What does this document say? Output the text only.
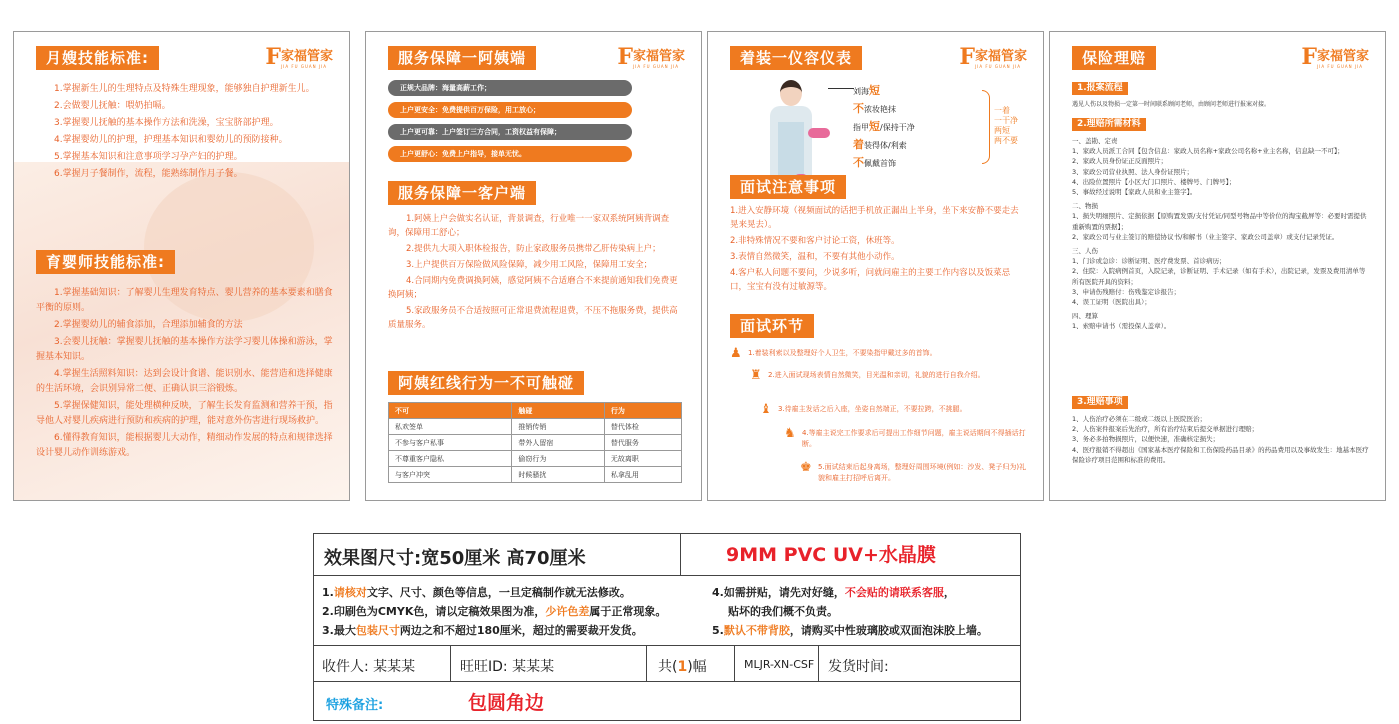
月嫂技能标准:	F 家福管家
JIA FU GUAN JIA

1.掌握新生儿的生理特点及特殊生理现象，能够独自护理新生儿。

2.会做婴儿抚触：喂奶拍嗝。

3.掌握婴儿抚触的基本操作方法和洗澡，宝宝脐部护理。

4.掌握婴幼儿的护理，护理基本知识和婴幼儿的预防接种。

5.掌握基本知识和注意事项学习孕产妇的护理。

6.掌握月子餐制作，流程，能熟练制作月子餐。

育婴师技能标准:

1.掌握基础知识：了解婴儿生理发育特点、婴儿营养的基本要素和膳食平衡的原则。

2.掌握婴幼儿的辅食添加，合理添加辅食的方法

3.会婴儿抚触：掌握婴儿抚触的基本操作方法学习婴儿体操和游泳，掌握基本知识。

4.掌握生活照料知识：达到会设计食谱、能识别水、能营造和选择健康的生活环境，会识别异常二便、正确认识三浴锻炼。

5.掌握保健知识，能处理横种反映，了解生长发育监测和营养干预，指导他人对婴儿疾病进行预防和疾病的护理，能对意外伤害进行现场救护。

6.懂得教育知识，能根据婴儿大动作，精细动作发展的特点和规律选择设计婴儿动作训练游戏。

服务保障一阿姨端	F 家福管家
JIA FU GUAN JIA
正规大品牌：海量高薪工作；
上户更安全：免费提供百万保险，用工放心；
上户更可靠：上户签订三方合同，工资权益有保障；
上户更舒心：免费上户指导，接单无忧。
服务保障一客户端

1.阿姨上户会做实名认证，背景调查，行业唯一一家双系统阿姨背调查询，保障用工舒心；

2.提供九大项入职体检报告，防止家政服务员携带乙肝传染病上户；

3.上户提供百万保险做风险保障，减少用工风险，保障用工安全；

4.合同期内免费调换阿姨，感觉阿姨不合适磨合不来提前通知我们免费更换阿姨；

5.家政服务员不合适按照可正常退费流程退费，不压不拖服务费，提供高质量服务。

阿姨红线行为一不可触碰
不可	触碰	行为
私欢签单	推销传销	替代体检
不参与客户私事	带外人留宿	替代服务
不尊重客户隐私	偷窃行为	无故离职
与客户冲突	时候骚扰	私拿乱用
着装一仪容仪表	F 家福管家
JIA FU GUAN JIA
刘海短
不浓妆艳抹
指甲短/保持干净
着装得体/利索
不佩戴首饰
一着
一干净
两短
两不要
面试注意事项

1.进入安静环境（视频面试的话把手机放正漏出上半身，坐下来安静不要走去晃来晃去）。

2.非特殊情况不要和客户讨论工资，休班等。

3.表情自然微笑，温和，不要有其他小动作。

4.客户私人问题不要问，少说多听，问就问雇主的主要工作内容以及饭菜忌口，宝宝有没有过敏源等。

面试环节
♟ 1.着装利索以及整理好个人卫生，不要染指甲戴过多的首饰。
♜ 2.进入面试现场表情自然微笑，目光温和亲切，礼貌的进行自我介绍。
♝ 3.待雇主发话之后入座，坐姿自然端正，不要拉跨，不挑腿。
♞ 4.等雇主说完工作要求后可提出工作细节问题，雇主说话期间不得插话打断。
♚ 5.面试结束后起身离场，整理好周围环境(例如：沙发、凳子归为)礼貌和雇主打招呼后离开。
保险理赔	F 家福管家
JIA FU GUAN JIA
1.报案流程
遇见人伤以及物损一定第一时间联系顾问老师，由顾问老师进行报案对接。
2.理赔所需材料
一、盖勘、定责
1、家政人员派工合同【包含信息：家政人员名称+家政公司名称+业主名称，信息缺一不可】；
2、家政人员身份证正反面照片；
3、家政公司营业执照、法人身份证照片；
4、出险位置照片【小区大门口照片、楼牌号、门牌号】；
5、事故经过说明【家政人员和业主签字】。
二、物损
1、损失明细照片、定损依据【原购置发票/支付凭证/同型号物品中等价位的淘宝截屏等：必要时需提供重新购置的票据】；
2、家政公司与业主签订的赔偿协议书/和解书（业主签字、家政公司盖章）或支付记录凭证。
三、人伤
1、门诊或急诊：诊断证明、医疗费发票、首诊病历；
2、住院：入院病例首页，入院记录，诊断证明、手术记录（如有手术），出院记录，发票及费用清单等所有医院开具的资料；
3、申请伤残赔付：伤残鉴定诊报告；
4、误工证明（医院出具）；
四、理算
1、索赔申请书（需投保人盖章）。
3.理赔事项
1、人伤治疗必须在二级或二级以上医院医治；
2、人伤案件报案后先治疗，所有治疗结束后提交单据进行理赔；
3、务必多拍物损照片，以便快速，准确核定损失；
4、医疗报销不得超出《国家基本医疗保险和工伤保险药品目录》的药品费用以及事故发生：地基本医疗保险诊疗项目范围和标准的费用。
效果图尺寸:宽50厘米 高70厘米	9MM PVC UV+水晶膜
1.请核对文字、尺寸、颜色等信息，一旦定稿制作就无法修改。
2.印刷色为CMYK色，请以定稿效果图为准，少许色差属于正常现象。
3.最大包装尺寸两边之和不超过180厘米，超过的需要裁开发货。
4.如需拼贴，请先对好缝，不会贴的请联系客服，
贴坏的我们概不负责。
5.默认不带背胶，请购买中性玻璃胶或双面泡沫胶上墙。
收件人: 某某某	旺旺ID: 某某某	共(1)幅	MLJR-XN-CSF 发货时间:
特殊备注:	包圆角边
